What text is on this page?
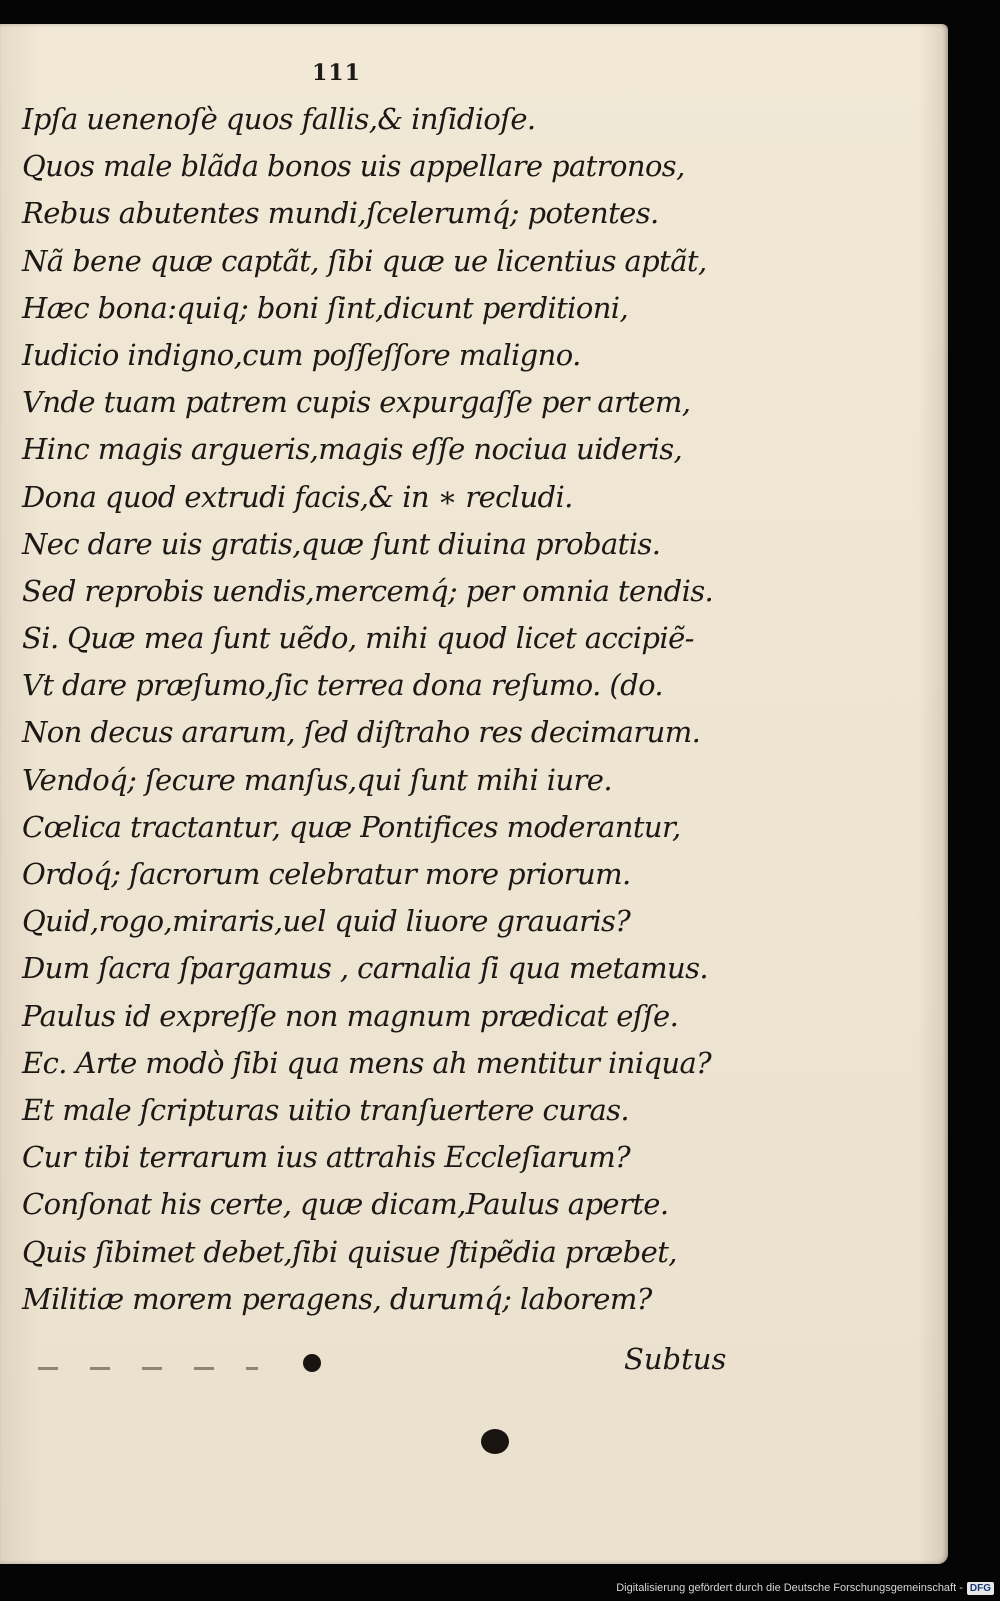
111
Ipſa uenenoſè quos fallis,& inſidioſe.
Quos male blãda bonos uis appellare patronos,
Rebus abutentes mundi,ſcelerumq́; potentes.
Nã bene quæ captãt, ſibi quæ ue licentius aptãt,
Hæc bona:quiq; boni ſint,dicunt perditioni,
Iudicio indigno,cum poſſeſſore maligno.
Vnde tuam patrem cupis expurgaſſe per artem,
Hinc magis argueris,magis eſſe nociua uideris,
Dona quod extrudi facis,& in ∗ recludi.
Nec dare uis gratis,quæ ſunt diuina probatis.
Sed reprobis uendis,mercemq́; per omnia tendis.
Si. Quæ mea ſunt uẽdo, mihi quod licet accipiẽ-
Vt dare præſumo,ſic terrea dona reſumo. (do.
Non decus ararum, ſed diſtraho res decimarum.
Vendoq́; ſecure manſus,qui ſunt mihi iure.
Cœlica tractantur, quæ Pontifices moderantur,
Ordoq́; ſacrorum celebratur more priorum.
Quid,rogo,miraris,uel quid liuore grauaris?
Dum ſacra ſpargamus , carnalia ſi qua metamus.
Paulus id expreſſe non magnum prædicat eſſe.
Ec. Arte modò ſibi qua mens ah mentitur iniqua?
Et male ſcripturas uitio tranſuertere curas.
Cur tibi terrarum ius attrahis Eccleſiarum?
Conſonat his certe, quæ dicam,Paulus aperte.
Quis ſibimet debet,ſibi quisue ſtipẽdia præbet,
Militiæ morem peragens, durumq́; laborem?
Subtus
Digitalisierung gefördert durch die Deutsche Forschungsgemeinschaft - DFG
